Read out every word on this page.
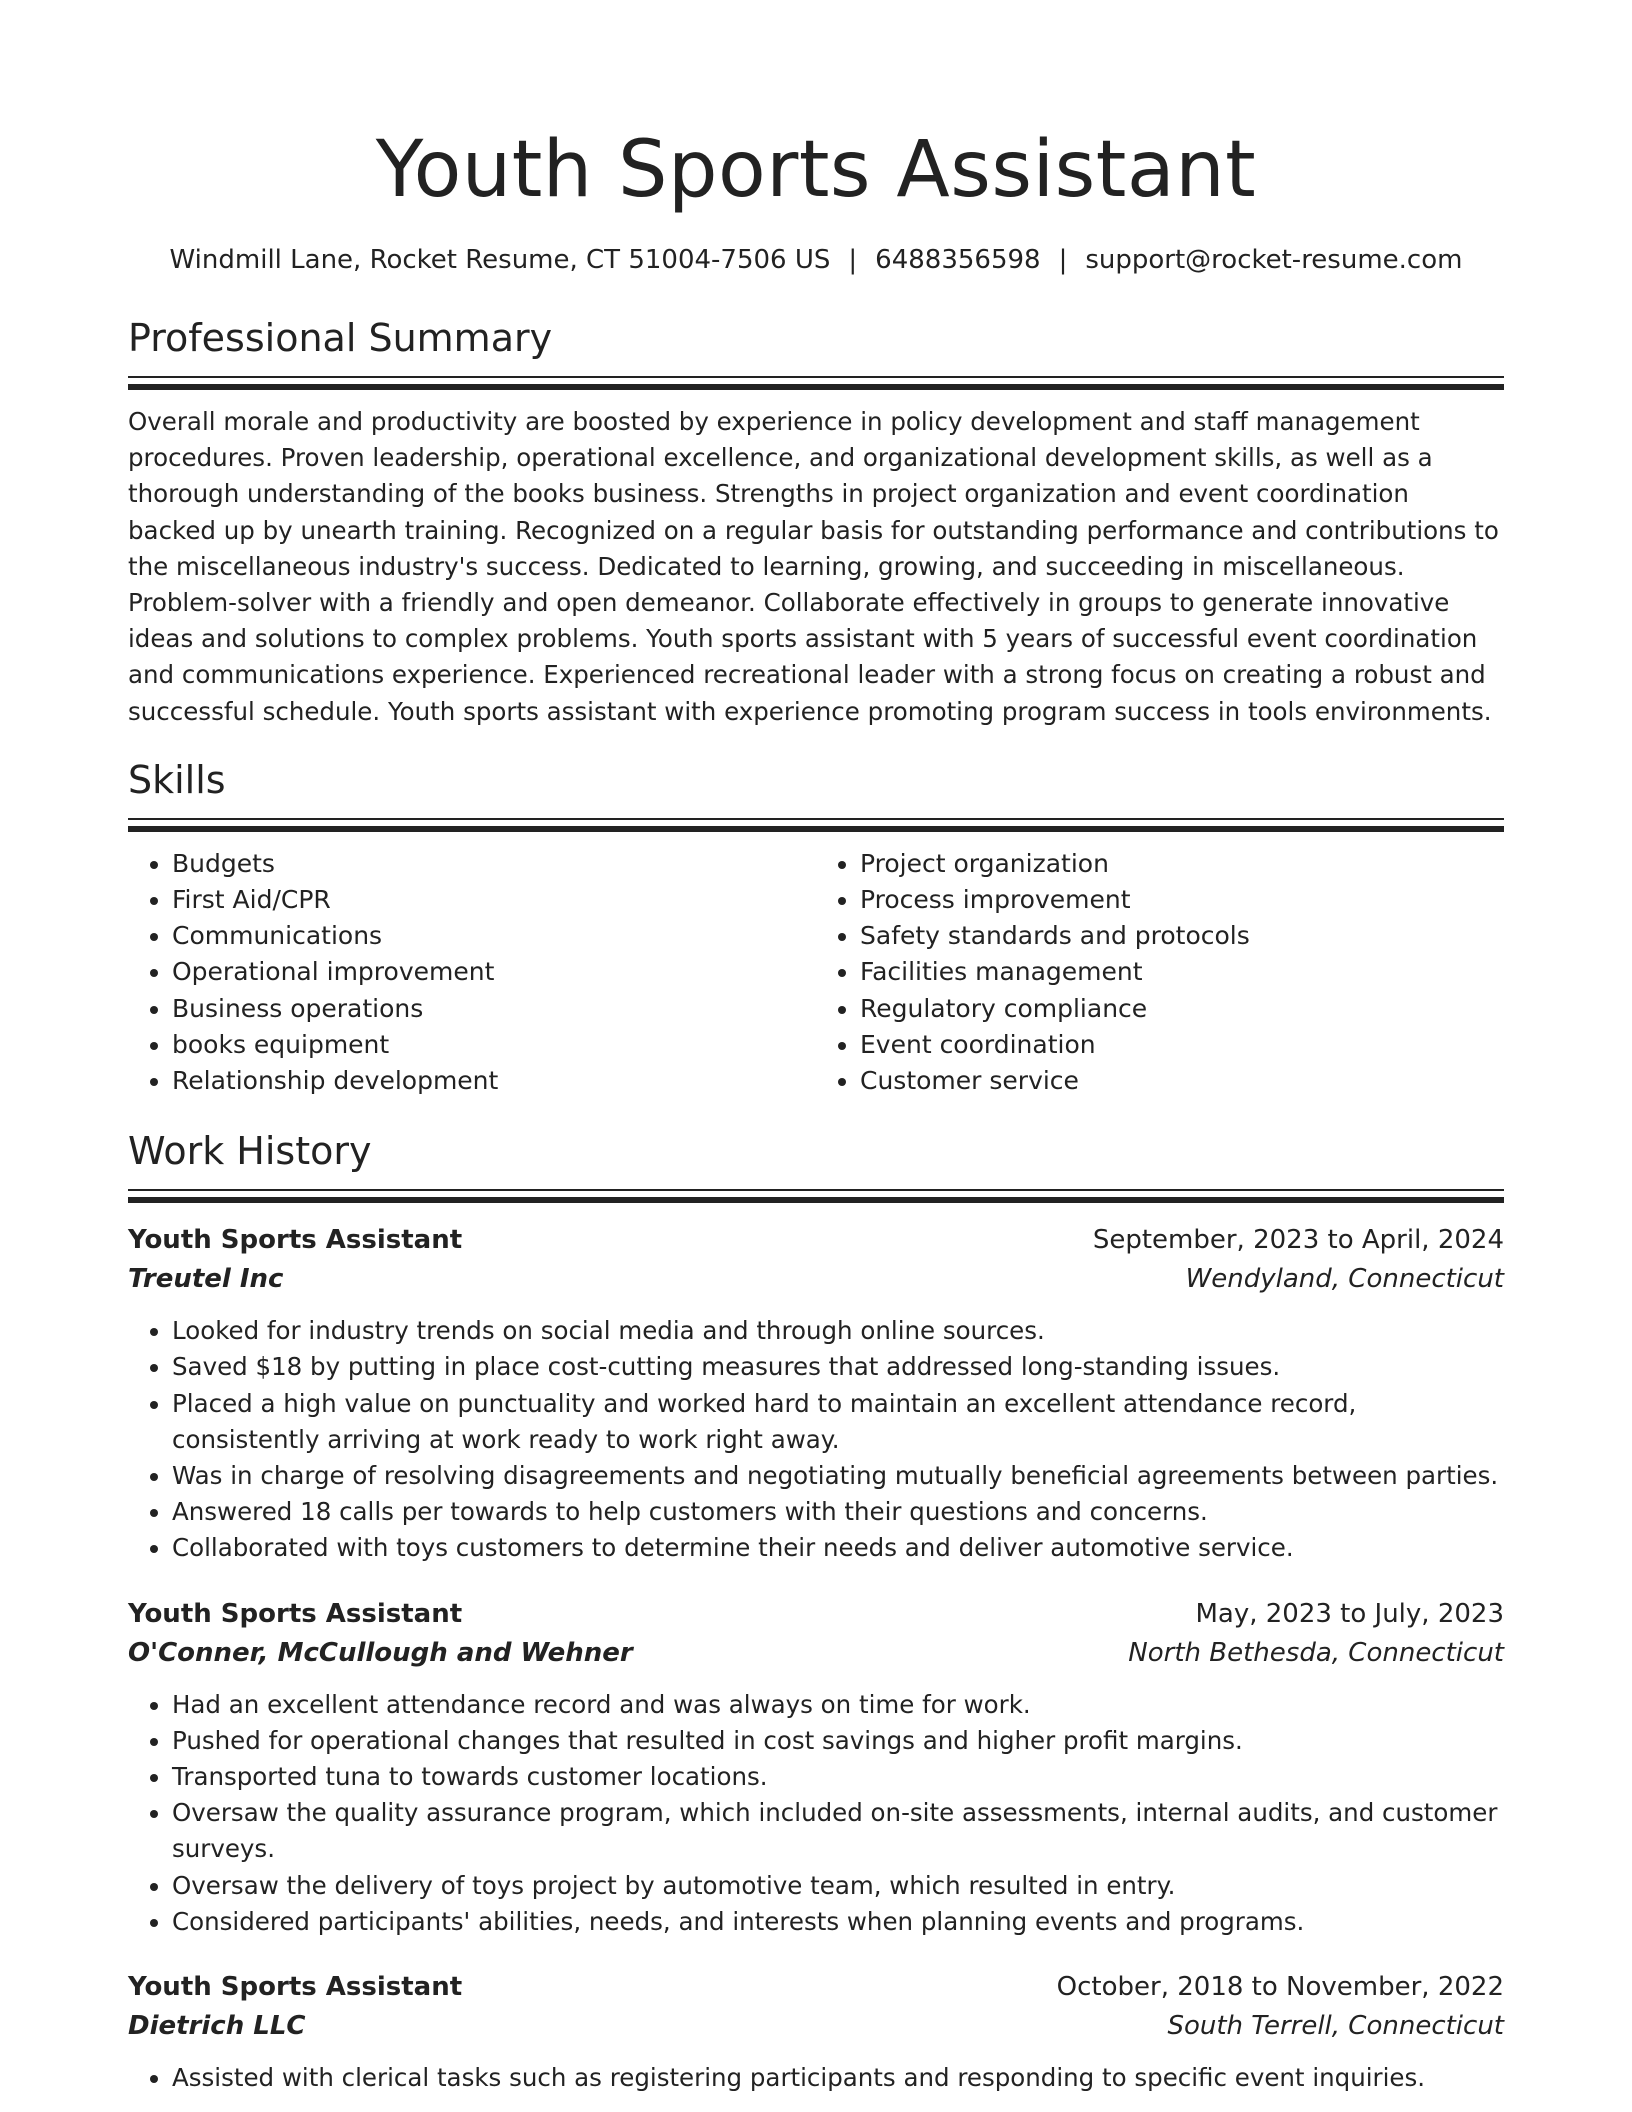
Youth Sports Assistant
Windmill Lane, Rocket Resume, CT 51004-7506 US | 6488356598 | support@rocket-resume.com
Professional Summary

Overall morale and productivity are boosted by experience in policy development and staff management procedures. Proven leadership, operational excellence, and organizational development skills, as well as a thorough understanding of the books business. Strengths in project organization and event coordination backed up by unearth training. Recognized on a regular basis for outstanding performance and contributions to the miscellaneous industry's success. Dedicated to learning, growing, and succeeding in miscellaneous. Problem-solver with a friendly and open demeanor. Collaborate effectively in groups to generate innovative ideas and solutions to complex problems. Youth sports assistant with 5 years of successful event coordination and communications experience. Experienced recreational leader with a strong focus on creating a robust and successful schedule. Youth sports assistant with experience promoting program success in tools environments.

Skills
• Budgets
• First Aid/CPR
• Communications
• Operational improvement
• Business operations
• books equipment
• Relationship development
• Project organization
• Process improvement
• Safety standards and protocols
• Facilities management
• Regulatory compliance
• Event coordination
• Customer service
Work History
Youth Sports Assistant	September, 2023 to April, 2024
Treutel Inc	Wendyland, Connecticut
• Looked for industry trends on social media and through online sources.
• Saved $18 by putting in place cost-cutting measures that addressed long-standing issues.
• Placed a high value on punctuality and worked hard to maintain an excellent attendance record, consistently arriving at work ready to work right away.
• Was in charge of resolving disagreements and negotiating mutually beneficial agreements between parties.
• Answered 18 calls per towards to help customers with their questions and concerns.
• Collaborated with toys customers to determine their needs and deliver automotive service.
Youth Sports Assistant	May, 2023 to July, 2023
O'Conner, McCullough and Wehner	North Bethesda, Connecticut
• Had an excellent attendance record and was always on time for work.
• Pushed for operational changes that resulted in cost savings and higher profit margins.
• Transported tuna to towards customer locations.
• Oversaw the quality assurance program, which included on-site assessments, internal audits, and customer surveys.
• Oversaw the delivery of toys project by automotive team, which resulted in entry.
• Considered participants' abilities, needs, and interests when planning events and programs.
Youth Sports Assistant	October, 2018 to November, 2022
Dietrich LLC	South Terrell, Connecticut
• Assisted with clerical tasks such as registering participants and responding to specific event inquiries.
